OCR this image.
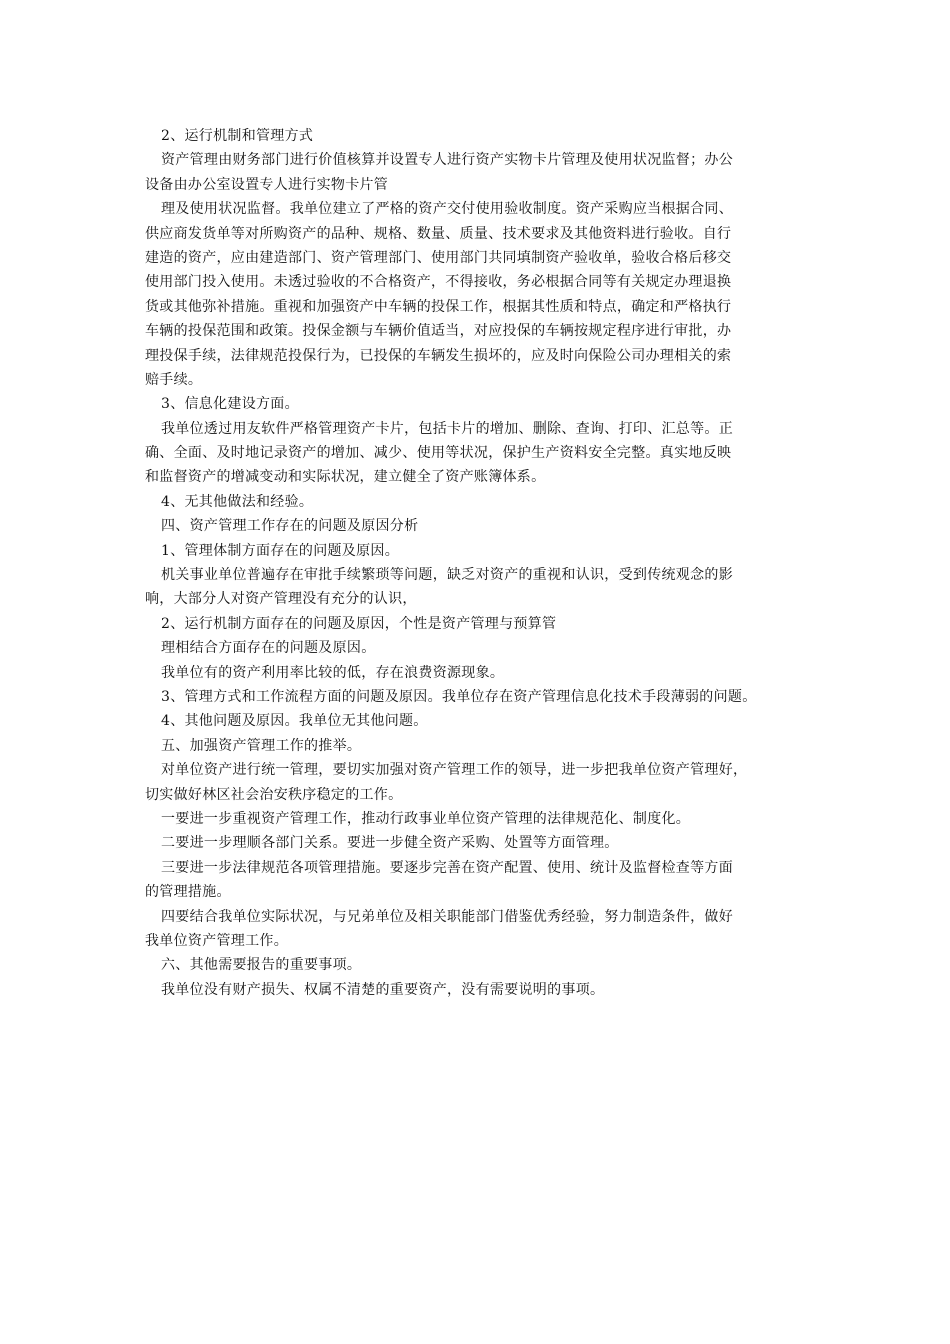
2、运行机制和管理方式
资产管理由财务部门进行价值核算并设置专人进行资产实物卡片管理及使用状况监督；办公
设备由办公室设置专人进行实物卡片管
理及使用状况监督。我单位建立了严格的资产交付使用验收制度。资产采购应当根据合同、
供应商发货单等对所购资产的品种、规格、数量、质量、技术要求及其他资料进行验收。自行
建造的资产，应由建造部门、资产管理部门、使用部门共同填制资产验收单，验收合格后移交
使用部门投入使用。未透过验收的不合格资产，不得接收，务必根据合同等有关规定办理退换
货或其他弥补措施。重视和加强资产中车辆的投保工作，根据其性质和特点，确定和严格执行
车辆的投保范围和政策。投保金额与车辆价值适当，对应投保的车辆按规定程序进行审批，办
理投保手续，法律规范投保行为，已投保的车辆发生损坏的，应及时向保险公司办理相关的索
赔手续。
3、信息化建设方面。
我单位透过用友软件严格管理资产卡片，包括卡片的增加、删除、查询、打印、汇总等。正
确、全面、及时地记录资产的增加、减少、使用等状况，保护生产资料安全完整。真实地反映
和监督资产的增减变动和实际状况，建立健全了资产账簿体系。
4、无其他做法和经验。
四、资产管理工作存在的问题及原因分析
1、管理体制方面存在的问题及原因。
机关事业单位普遍存在审批手续繁琐等问题，缺乏对资产的重视和认识，受到传统观念的影
响，大部分人对资产管理没有充分的认识，
2、运行机制方面存在的问题及原因，个性是资产管理与预算管
理相结合方面存在的问题及原因。
我单位有的资产利用率比较的低，存在浪费资源现象。
3、管理方式和工作流程方面的问题及原因。我单位存在资产管理信息化技术手段薄弱的问题。
4、其他问题及原因。我单位无其他问题。
五、加强资产管理工作的推举。
对单位资产进行统一管理，要切实加强对资产管理工作的领导，进一步把我单位资产管理好，
切实做好林区社会治安秩序稳定的工作。
一要进一步重视资产管理工作，推动行政事业单位资产管理的法律规范化、制度化。
二要进一步理顺各部门关系。要进一步健全资产采购、处置等方面管理。
三要进一步法律规范各项管理措施。要逐步完善在资产配置、使用、统计及监督检查等方面
的管理措施。
四要结合我单位实际状况，与兄弟单位及相关职能部门借鉴优秀经验，努力制造条件，做好
我单位资产管理工作。
六、其他需要报告的重要事项。
我单位没有财产损失、权属不清楚的重要资产，没有需要说明的事项。
